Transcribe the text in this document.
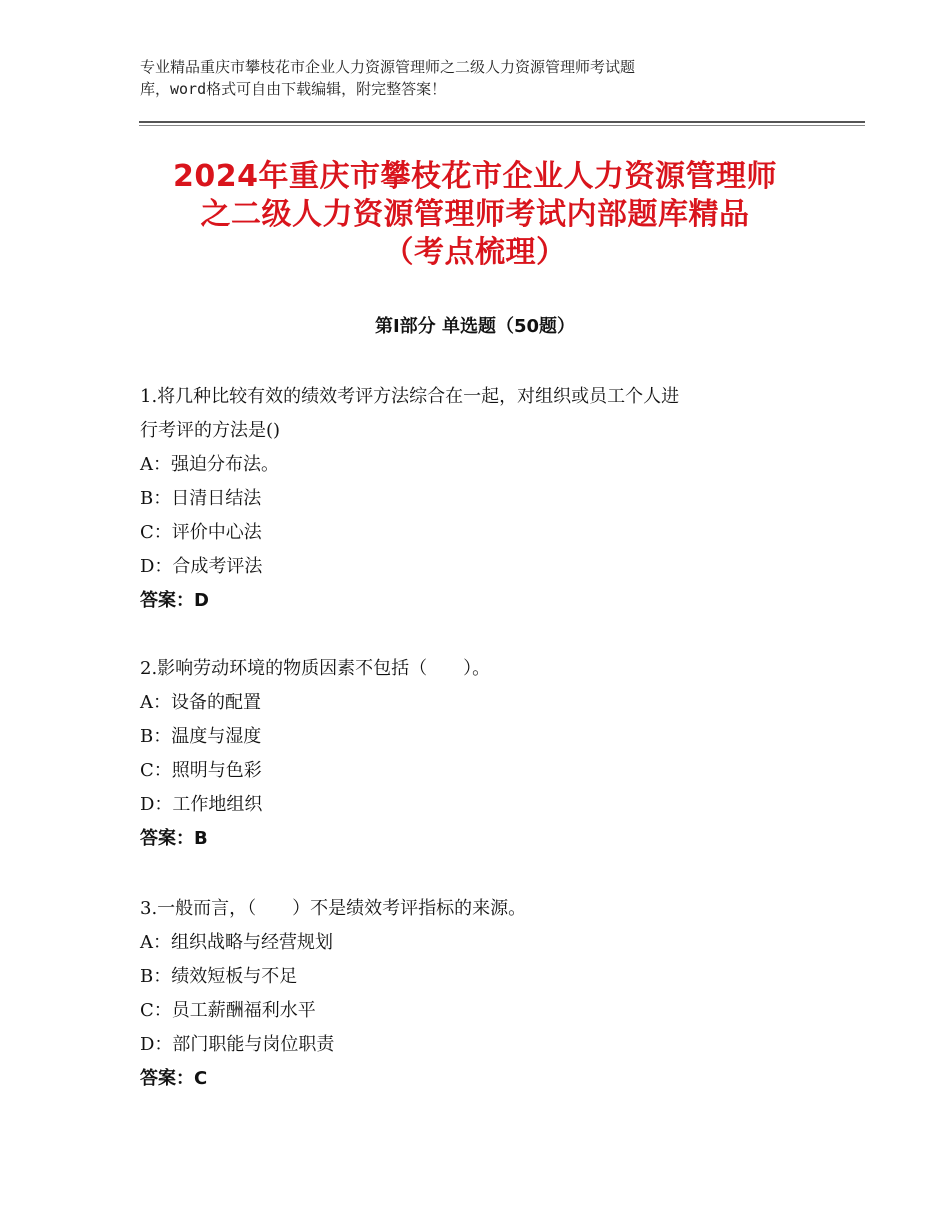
专业精品重庆市攀枝花市企业人力资源管理师之二级人力资源管理师考试题
库，word格式可自由下载编辑，附完整答案！
2024年重庆市攀枝花市企业人力资源管理师
之二级人力资源管理师考试内部题库精品
（考点梳理）
第Ⅰ部分 单选题（50题）
1.将几种比较有效的绩效考评方法综合在一起，对组织或员工个人进
行考评的方法是()
A：强迫分布法。
B：日清日结法
C：评价中心法
D：合成考评法
答案：D
2.影响劳动环境的物质因素不包括（　　）。
A：设备的配置
B：温度与湿度
C：照明与色彩
D：工作地组织
答案：B
3.一般而言，（　　）不是绩效考评指标的来源。
A：组织战略与经营规划
B：绩效短板与不足
C：员工薪酬福利水平
D：部门职能与岗位职责
答案：C
